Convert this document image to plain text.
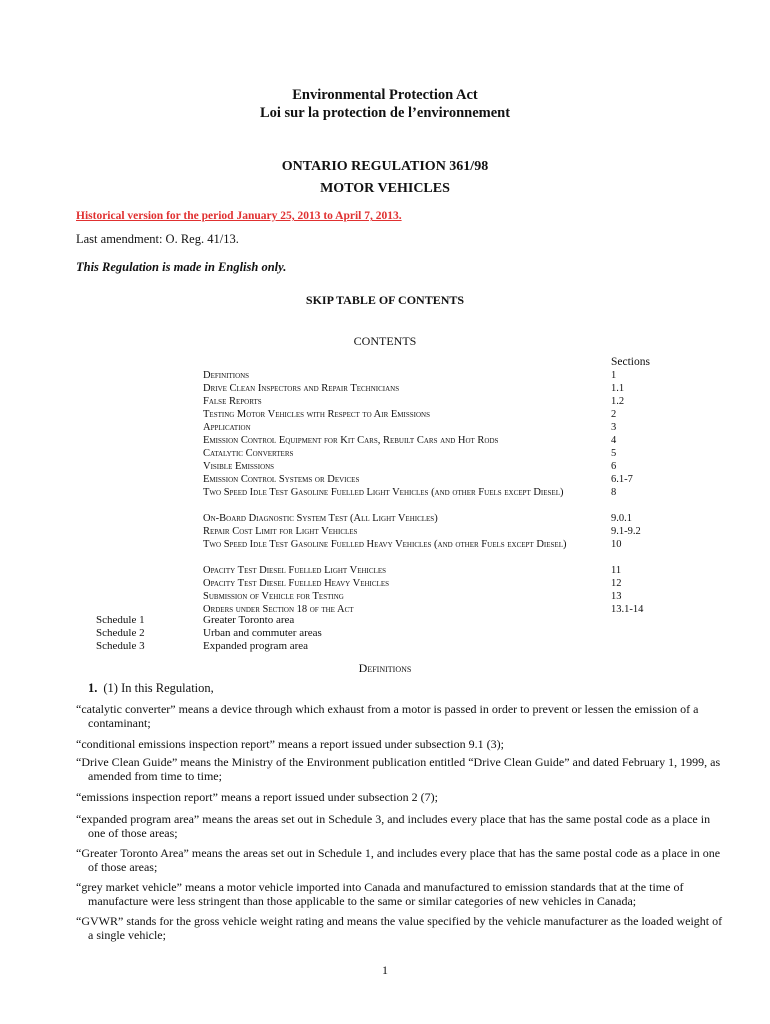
Environmental Protection Act
Loi sur la protection de l’environnement
ONTARIO REGULATION 361/98
MOTOR VEHICLES
Historical version for the period January 25, 2013 to April 7, 2013.
Last amendment: O. Reg. 41/13.
This Regulation is made in English only.
SKIP TABLE OF CONTENTS
CONTENTS
Sections
Definitions	1
Drive Clean Inspectors and Repair Technicians	1.1
False Reports	1.2
Testing Motor Vehicles with Respect to Air Emissions	2
Application	3
Emission Control Equipment for Kit Cars, Rebuilt Cars and Hot Rods	4
Catalytic Converters	5
Visible Emissions	6
Emission Control Systems or Devices	6.1-7
Two Speed Idle Test Gasoline Fuelled Light Vehicles (and other Fuels except Diesel)	8
On-Board Diagnostic System Test (All Light Vehicles)	9.0.1
Repair Cost Limit for Light Vehicles	9.1-9.2
Two Speed Idle Test Gasoline Fuelled Heavy Vehicles (and other Fuels except Diesel)	10
Opacity Test Diesel Fuelled Light Vehicles	11
Opacity Test Diesel Fuelled Heavy Vehicles	12
Submission of Vehicle for Testing	13
Orders under Section 18 of the Act	13.1-14
Schedule 1	Greater Toronto area
Schedule 2	Urban and commuter areas
Schedule 3	Expanded program area
Definitions
1. (1) In this Regulation,
“catalytic converter” means a device through which exhaust from a motor is passed in order to prevent or lessen the emission of a contaminant;
“conditional emissions inspection report” means a report issued under subsection 9.1 (3);
“Drive Clean Guide” means the Ministry of the Environment publication entitled “Drive Clean Guide” and dated February 1, 1999, as amended from time to time;
“emissions inspection report” means a report issued under subsection 2 (7);
“expanded program area” means the areas set out in Schedule 3, and includes every place that has the same postal code as a place in one of those areas;
“Greater Toronto Area” means the areas set out in Schedule 1, and includes every place that has the same postal code as a place in one of those areas;
“grey market vehicle” means a motor vehicle imported into Canada and manufactured to emission standards that at the time of manufacture were less stringent than those applicable to the same or similar categories of new vehicles in Canada;
“GVWR” stands for the gross vehicle weight rating and means the value specified by the vehicle manufacturer as the loaded weight of a single vehicle;
1
